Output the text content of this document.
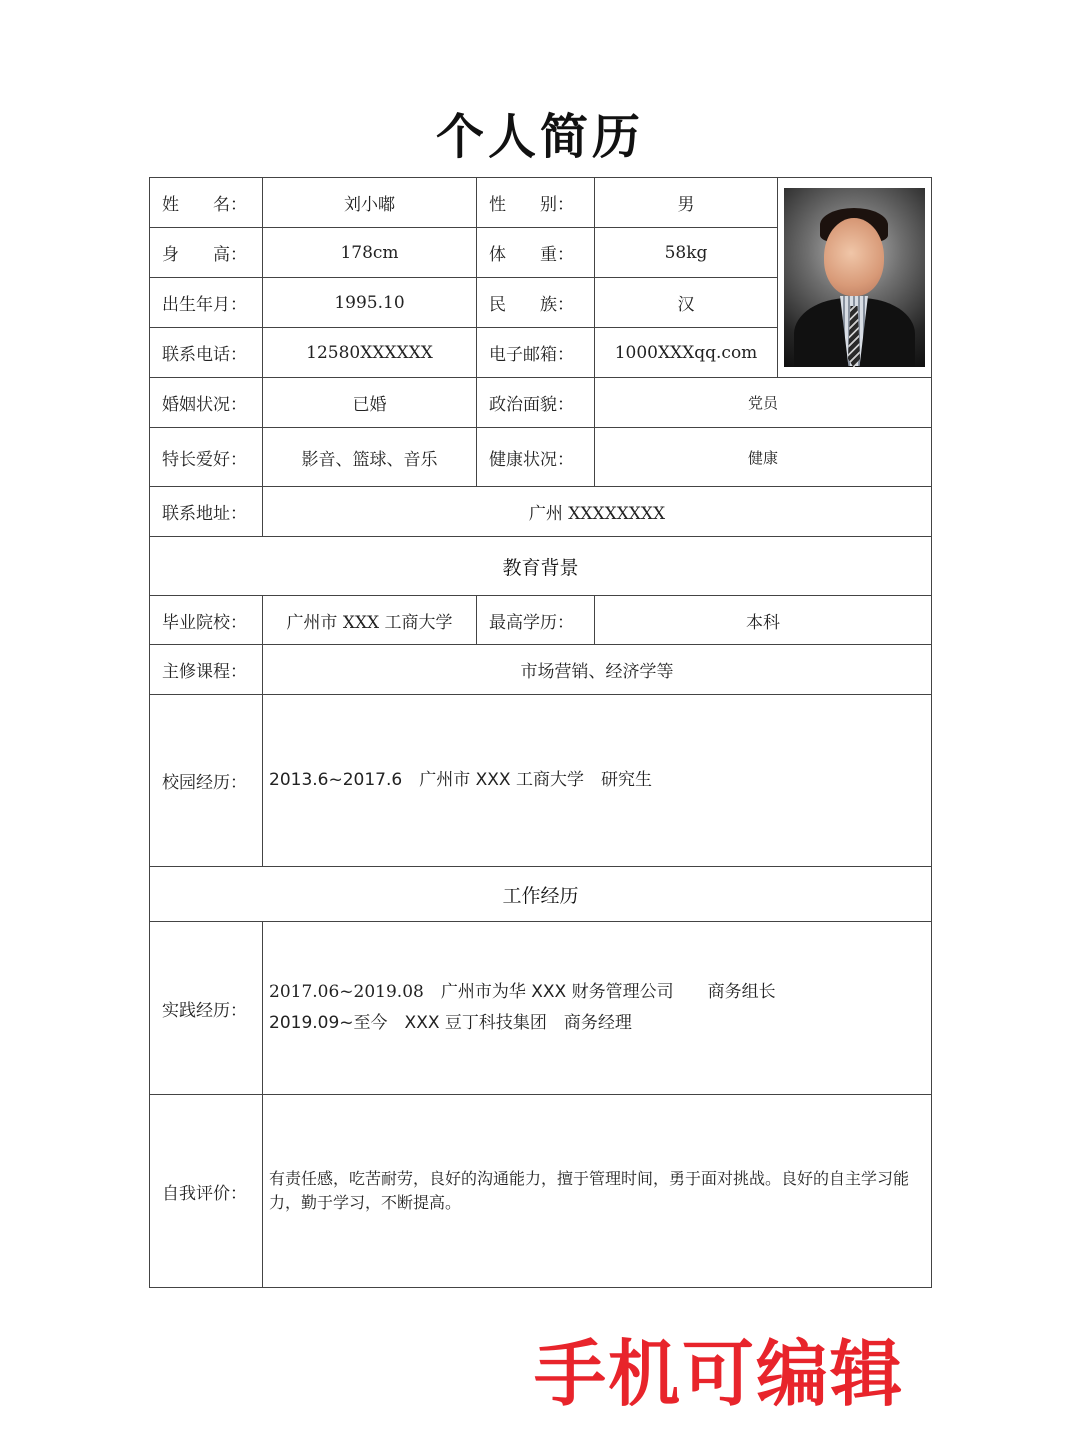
个人简历
姓　　名：	刘小嘟	性　　别：	男	

身　　高：	178cm	体　　重：	58kg	
出生年月：	1995.10	民　　族：	汉	
联系电话：	12580XXXXXX	电子邮箱：	1000XXXqq.com	
婚姻状况：	已婚	政治面貌：	党员	
特长爱好：	影音、篮球、音乐	健康状况：	健康	
联系地址：	广州 XXXXXXXX			
教育背景				
毕业院校：	广州市 XXX 工商大学	最高学历：	本科	
主修课程：	市场营销、经济学等			
校园经历：	2013.6~2017.6　广州市 XXX 工商大学　研究生			
工作经历				
实践经历：	2017.06~2019.08　广州市为华 XXX 财务管理公司　　商务组长
2019.09~至今　XXX 豆丁科技集团　商务经理			

自我评价：	有责任感，吃苦耐劳，良好的沟通能力，擅于管理时间，勇于面对挑战。良好的自主学习能力，勤于学习，不断提高。			
手机可编辑
